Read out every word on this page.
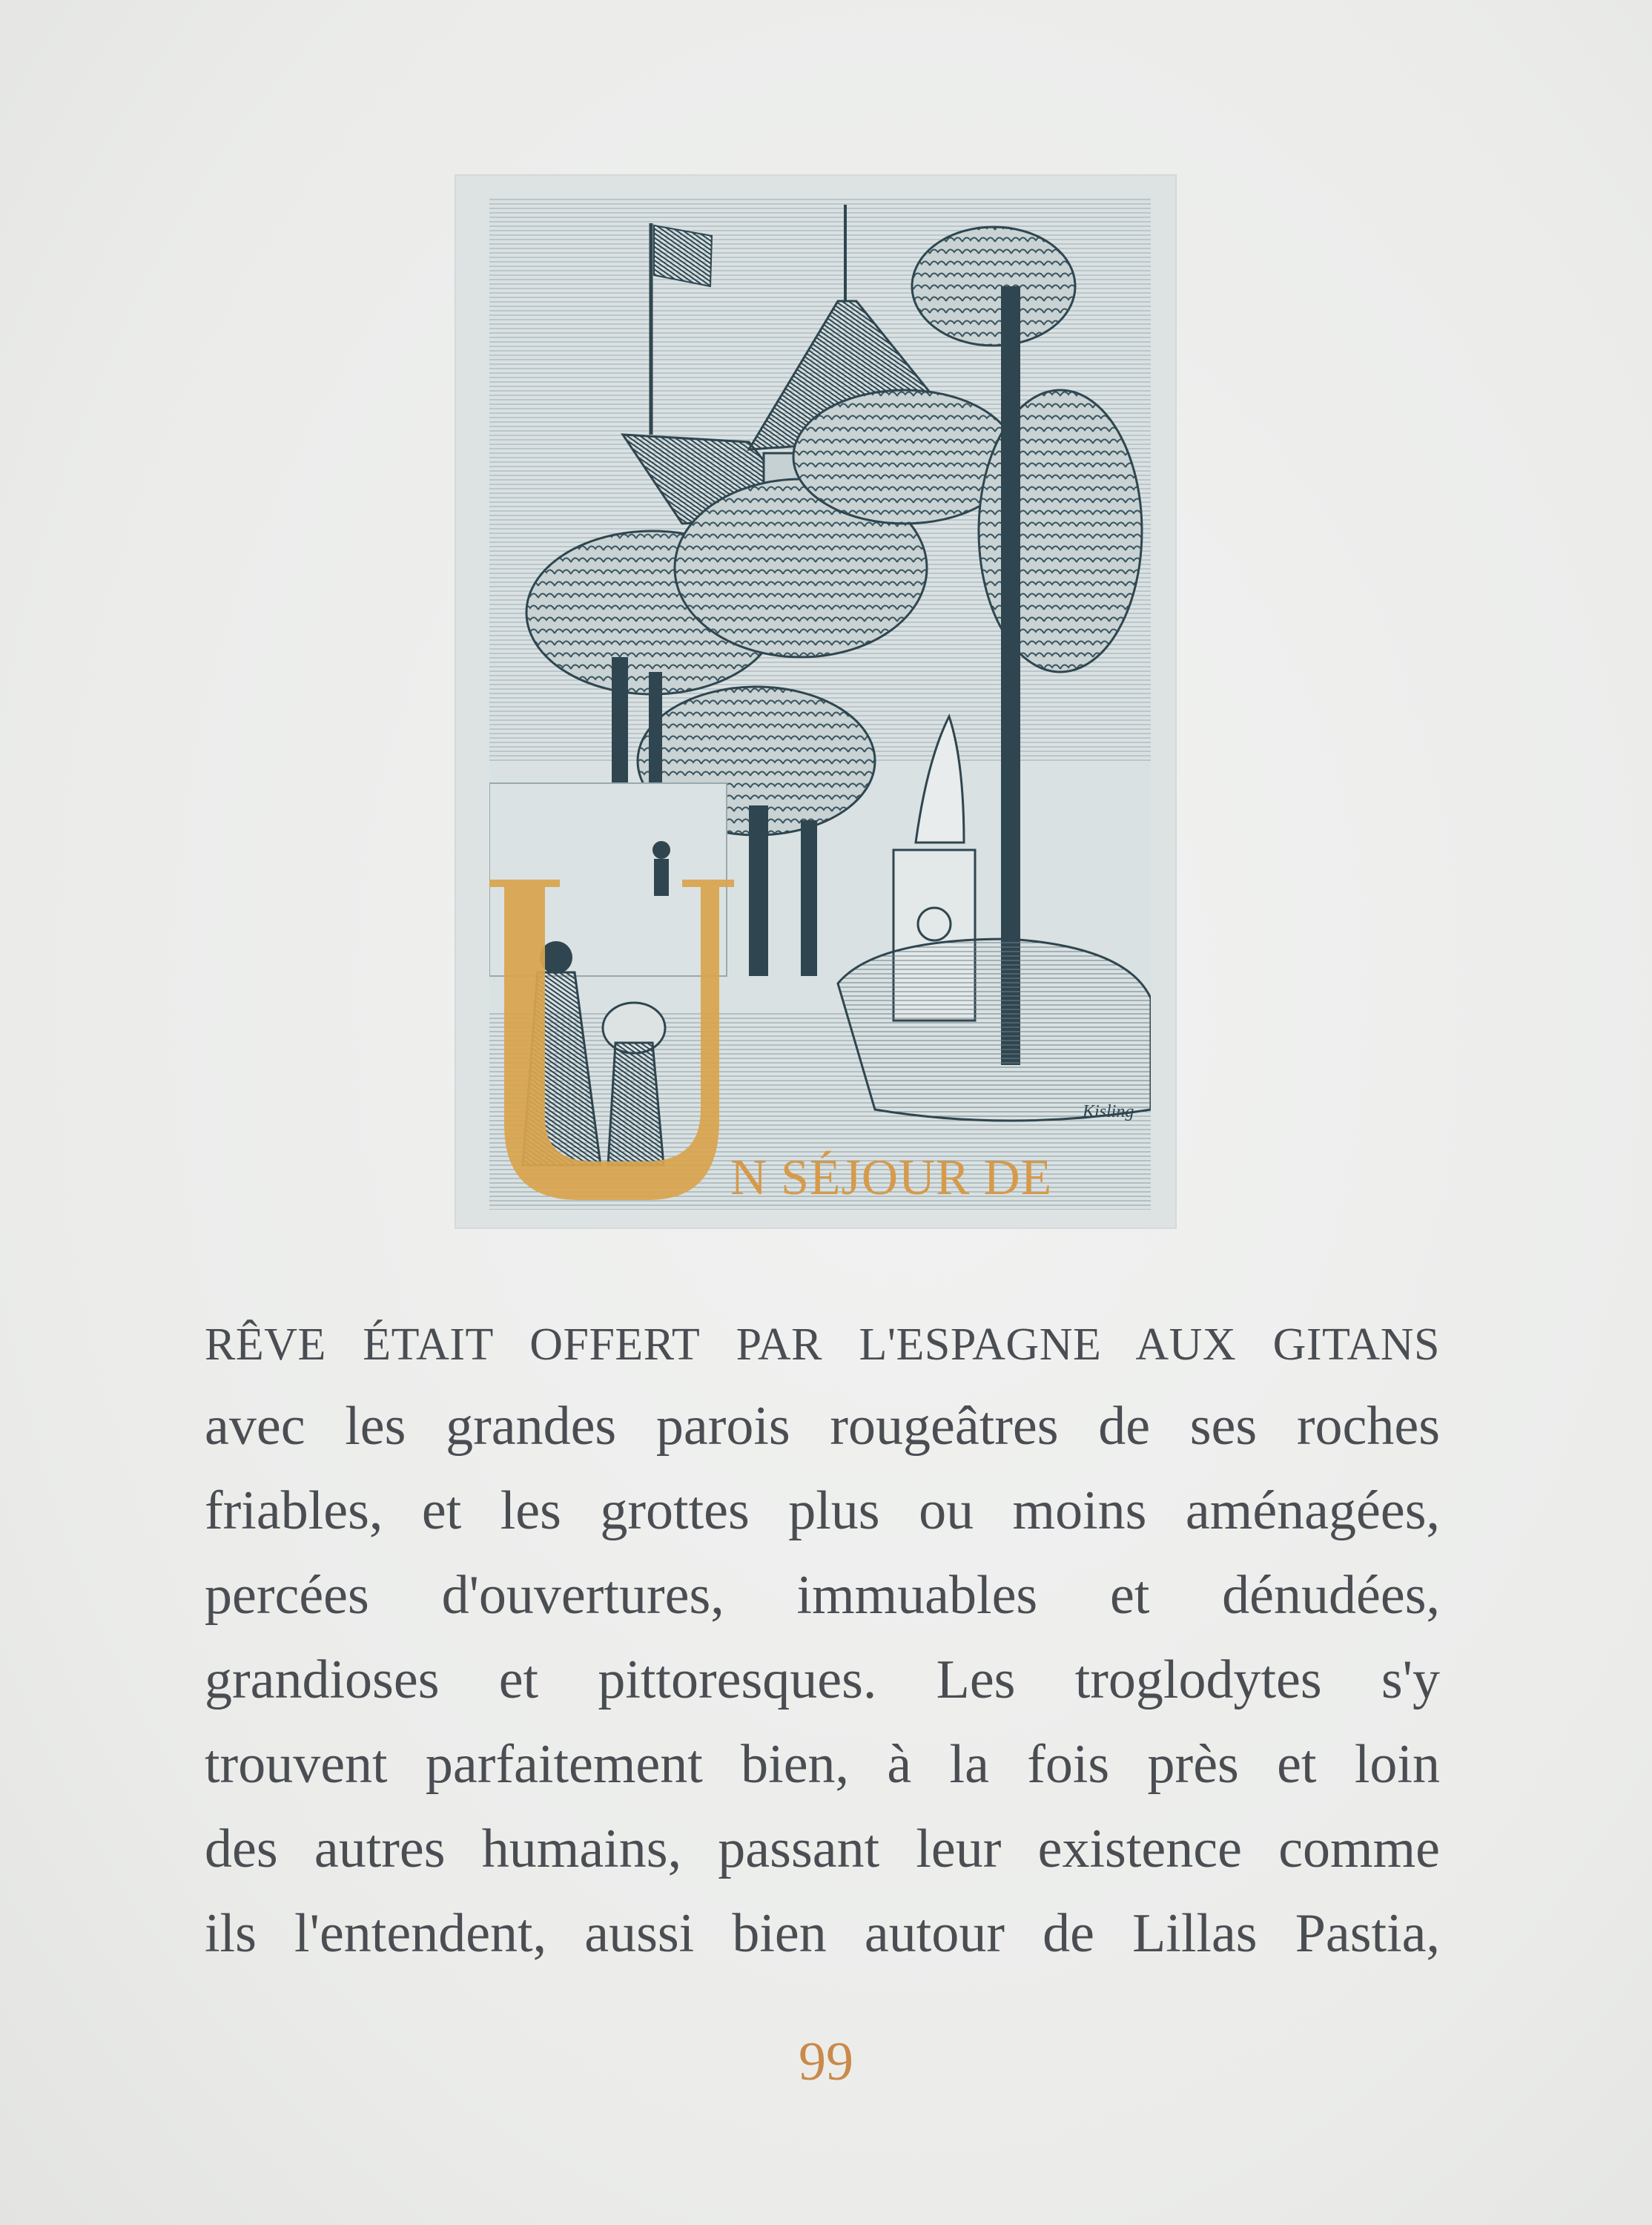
Kisling
N SÉJOUR DE
RÊVE ÉTAIT OFFERT PAR L'ESPAGNE AUX GITANS
avec les grandes parois rougeâtres de ses roches
friables, et les grottes plus ou moins aménagées,
percées d'ouvertures, immuables et dénudées,
grandioses et pittoresques. Les troglodytes s'y
trouvent parfaitement bien, à la fois près et loin
des autres humains, passant leur existence comme
ils l'entendent, aussi bien autour de Lillas Pastia,
99
